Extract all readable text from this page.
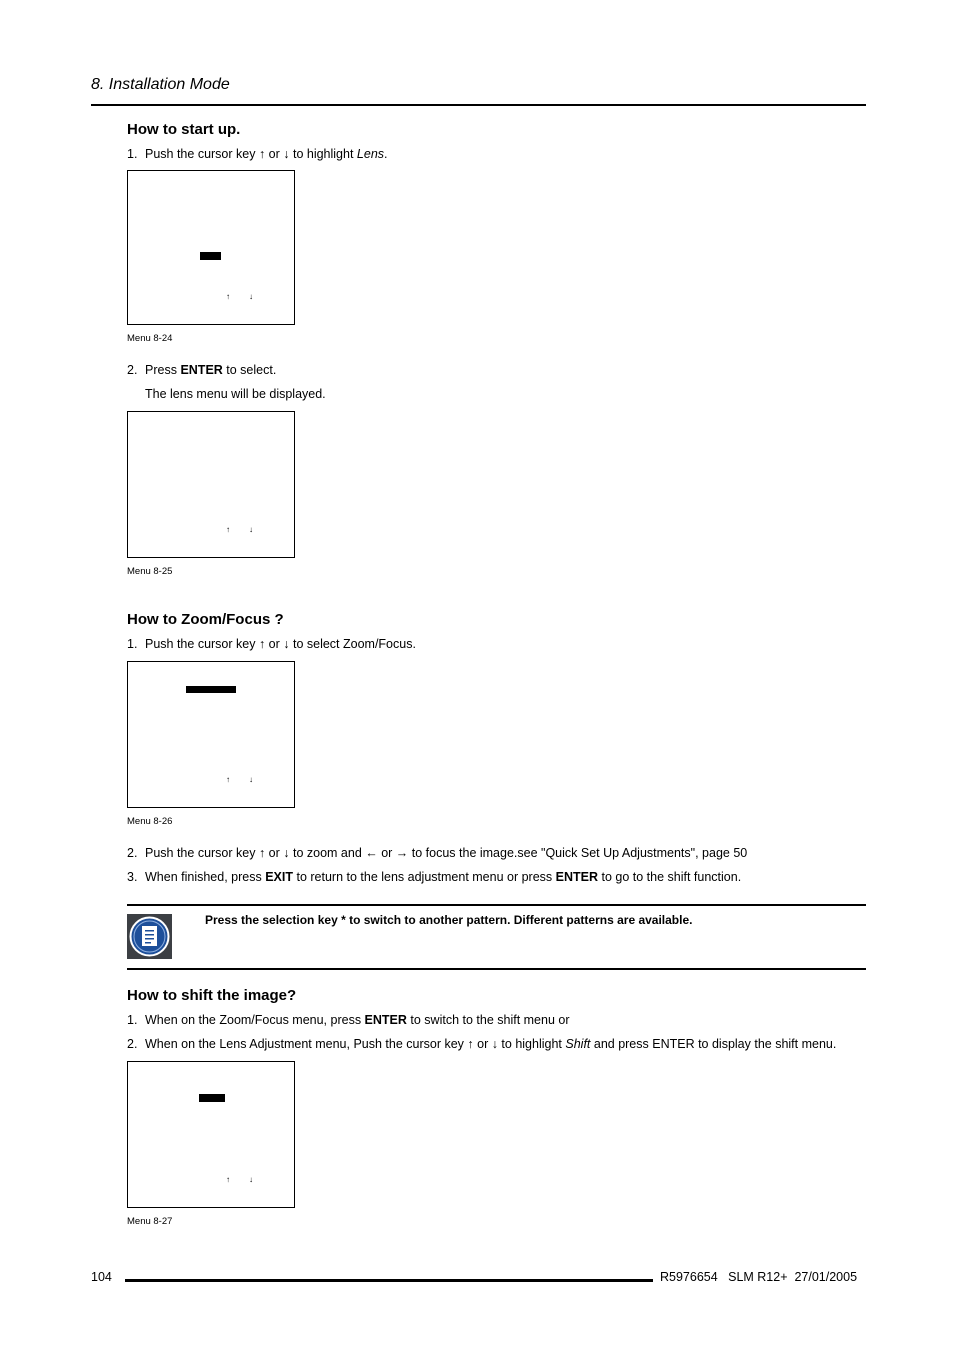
8. Installation Mode
How to start up.
1. Push the cursor key ↑ or ↓ to highlight Lens.
↑ ↓
Menu 8-24
2. Press ENTER to select.
The lens menu will be displayed.
↑ ↓
Menu 8-25
How to Zoom/Focus ?
1. Push the cursor key ↑ or ↓ to select Zoom/Focus.
↑ ↓
Menu 8-26
2. Push the cursor key ↑ or ↓ to zoom and ← or → to focus the image.see "Quick Set Up Adjustments", page 50
3. When finished, press EXIT to return to the lens adjustment menu or press ENTER to go to the shift function.
Press the selection key * to switch to another pattern. Different patterns are available.
How to shift the image?
1. When on the Zoom/Focus menu, press ENTER to switch to the shift menu or
2. When on the Lens Adjustment menu, Push the cursor key ↑ or ↓ to highlight Shift and press ENTER to display the shift menu.
↑ ↓
Menu 8-27
104	R5976654   SLM R12+  27/01/2005
